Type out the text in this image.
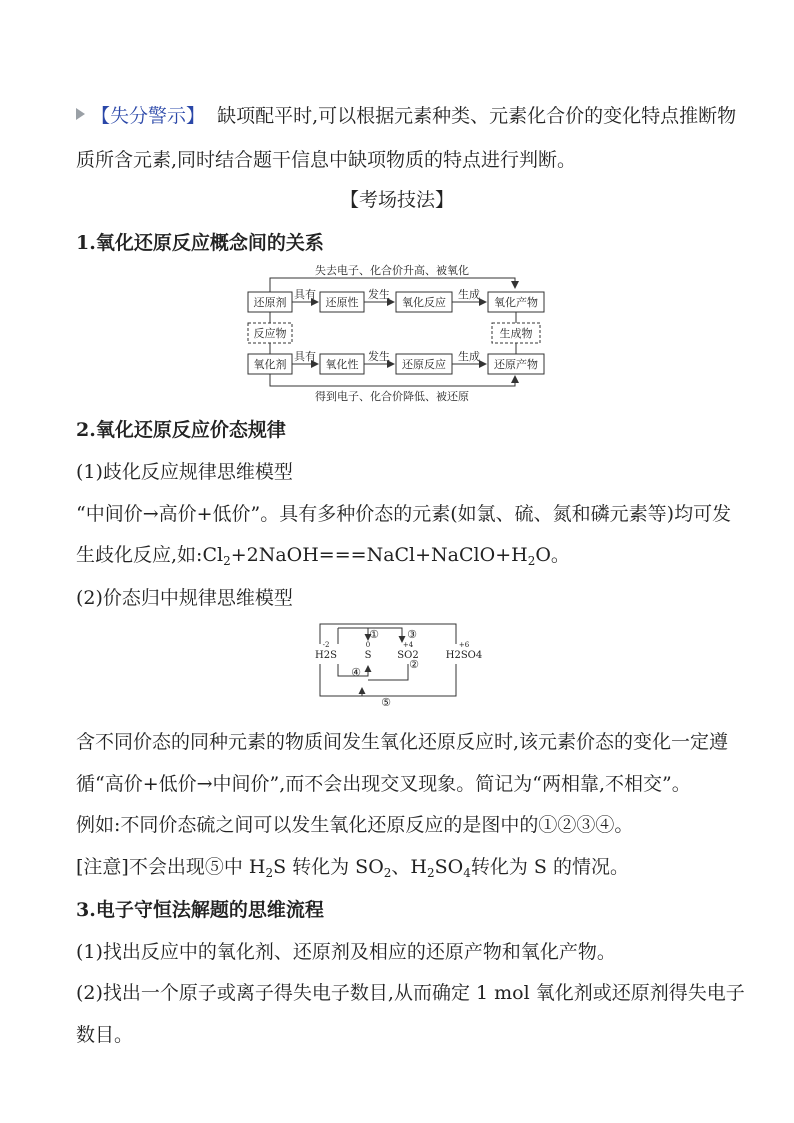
【失分警示】 缺项配平时,可以根据元素种类、元素化合价的变化特点推断物
质所含元素,同时结合题干信息中缺项物质的特点进行判断。
【考场技法】
1.氧化还原反应概念间的关系
失去电子、化合价升高、被氧化
得到电子、化合价降低、被还原
还原剂	还原性	氧化反应	氧化产物
氧化剂	氧化性	还原反应	还原产物
反应物	生成物
具有	发生	生成
具有	发生	生成
2.氧化还原反应价态规律
(1)歧化反应规律思维模型
“中间价→高价+低价”。具有多种价态的元素(如氯、硫、氮和磷元素等)均可发
生歧化反应,如$:Cl_2+2NaOH===NaCl+NaClO+H_2O$。
(2)价态归中规律思维模型
H2S	S	SO2	H2SO4
-2	0	+4	+6
①
②
③
④
⑤
含不同价态的同种元素的物质间发生氧化还原反应时,该元素价态的变化一定遵
循“高价+低价→中间价”,而不会出现交叉现象。简记为“两相靠,不相交”。
例如:不同价态硫之间可以发生氧化还原反应的是图中的①②③④。
[注意]不会出现⑤中 $H_2S$ 转化为 $SO_2$、$H_2SO_4$转化为 S 的情况。
3.电子守恒法解题的思维流程
(1)找出反应中的氧化剂、还原剂及相应的还原产物和氧化产物。
(2)找出一个原子或离子得失电子数目,从而确定 1 mol 氧化剂或还原剂得失电子
数目。
